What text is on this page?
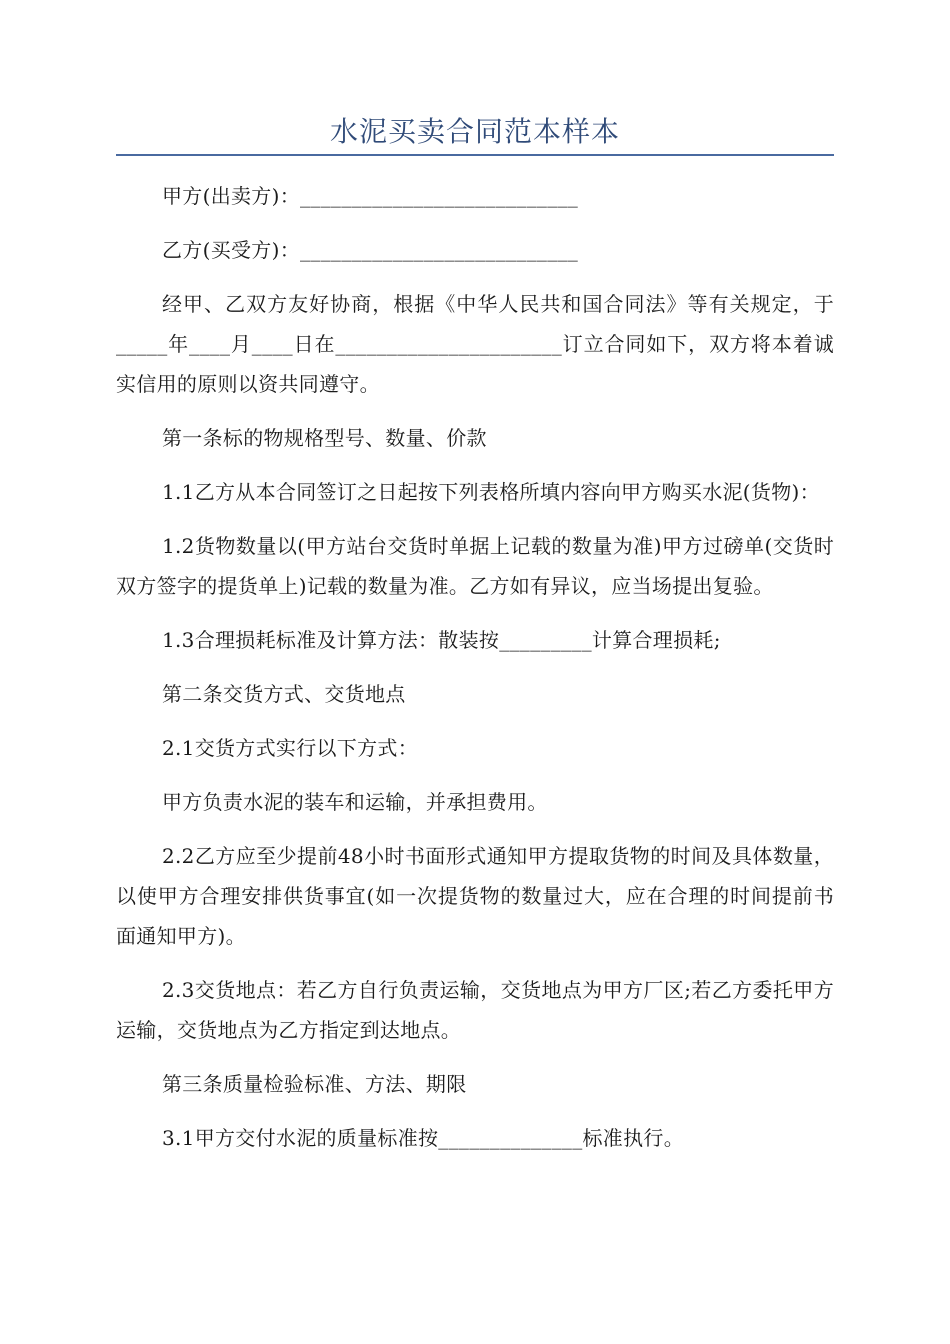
水泥买卖合同范本样本

甲方(出卖方)：___________________________

乙方(买受方)：___________________________

经甲、乙双方友好协商，根据《中华人民共和国合同法》等有关规定，于_____年____月____日在______________________订立合同如下，双方将本着诚实信用的原则以资共同遵守。

第一条标的物规格型号、数量、价款

1.1乙方从本合同签订之日起按下列表格所填内容向甲方购买水泥(货物)：

1.2货物数量以(甲方站台交货时单据上记载的数量为准)甲方过磅单(交货时双方签字的提货单上)记载的数量为准。乙方如有异议，应当场提出复验。

1.3合理损耗标准及计算方法：散装按_________计算合理损耗;

第二条交货方式、交货地点

2.1交货方式实行以下方式：

甲方负责水泥的装车和运输，并承担费用。

2.2乙方应至少提前48小时书面形式通知甲方提取货物的时间及具体数量，以使甲方合理安排供货事宜(如一次提货物的数量过大，应在合理的时间提前书面通知甲方)。

2.3交货地点：若乙方自行负责运输，交货地点为甲方厂区;若乙方委托甲方运输，交货地点为乙方指定到达地点。

第三条质量检验标准、方法、期限

3.1甲方交付水泥的质量标准按______________标准执行。
